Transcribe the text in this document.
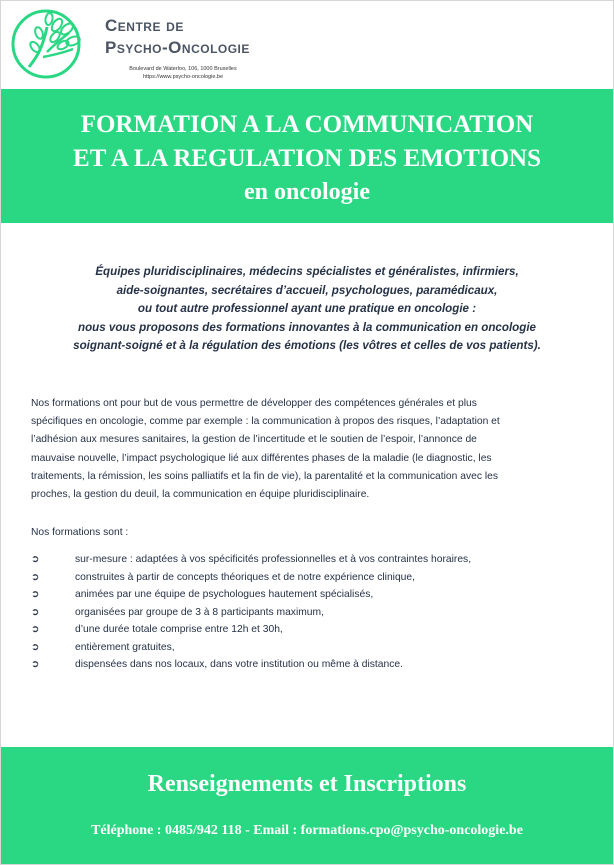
Centre de
Psycho-Oncologie
Boulevard de Waterloo, 106, 1000 Bruxelles
https://www.psycho-oncologie.be
FORMATION A LA COMMUNICATION
ET A LA REGULATION DES EMOTIONS
en oncologie
Équipes pluridisciplinaires, médecins spécialistes et généralistes, infirmiers,
aide-soignantes, secrétaires d’accueil, psychologues, paramédicaux,
ou tout autre professionnel ayant une pratique en oncologie :
nous vous proposons des formations innovantes à la communication en oncologie
soignant-soigné et à la régulation des émotions (les vôtres et celles de vos patients).
Nos formations ont pour but de vous permettre de développer des compétences générales et plus
spécifiques en oncologie, comme par exemple : la communication à propos des risques, l’adaptation et
l’adhésion aux mesures sanitaires, la gestion de l’incertitude et le soutien de l’espoir, l’annonce de
mauvaise nouvelle, l’impact psychologique lié aux différentes phases de la maladie (le diagnostic, les
traitements, la rémission, les soins palliatifs et la fin de vie), la parentalité et la communication avec les
proches, la gestion du deuil, la communication en équipe pluridisciplinaire.
Nos formations sont :
➲	sur-mesure : adaptées à vos spécificités professionnelles et à vos contraintes horaires,
➲	construites à partir de concepts théoriques et de notre expérience clinique,
➲	animées par une équipe de psychologues hautement spécialisés,
➲	organisées par groupe de 3 à 8 participants maximum,
➲	d’une durée totale comprise entre 12h et 30h,
➲	entièrement gratuites,
➲	dispensées dans nos locaux, dans votre institution ou même à distance.
Renseignements et Inscriptions
Téléphone : 0485/942 118 - Email : formations.cpo@psycho-oncologie.be
